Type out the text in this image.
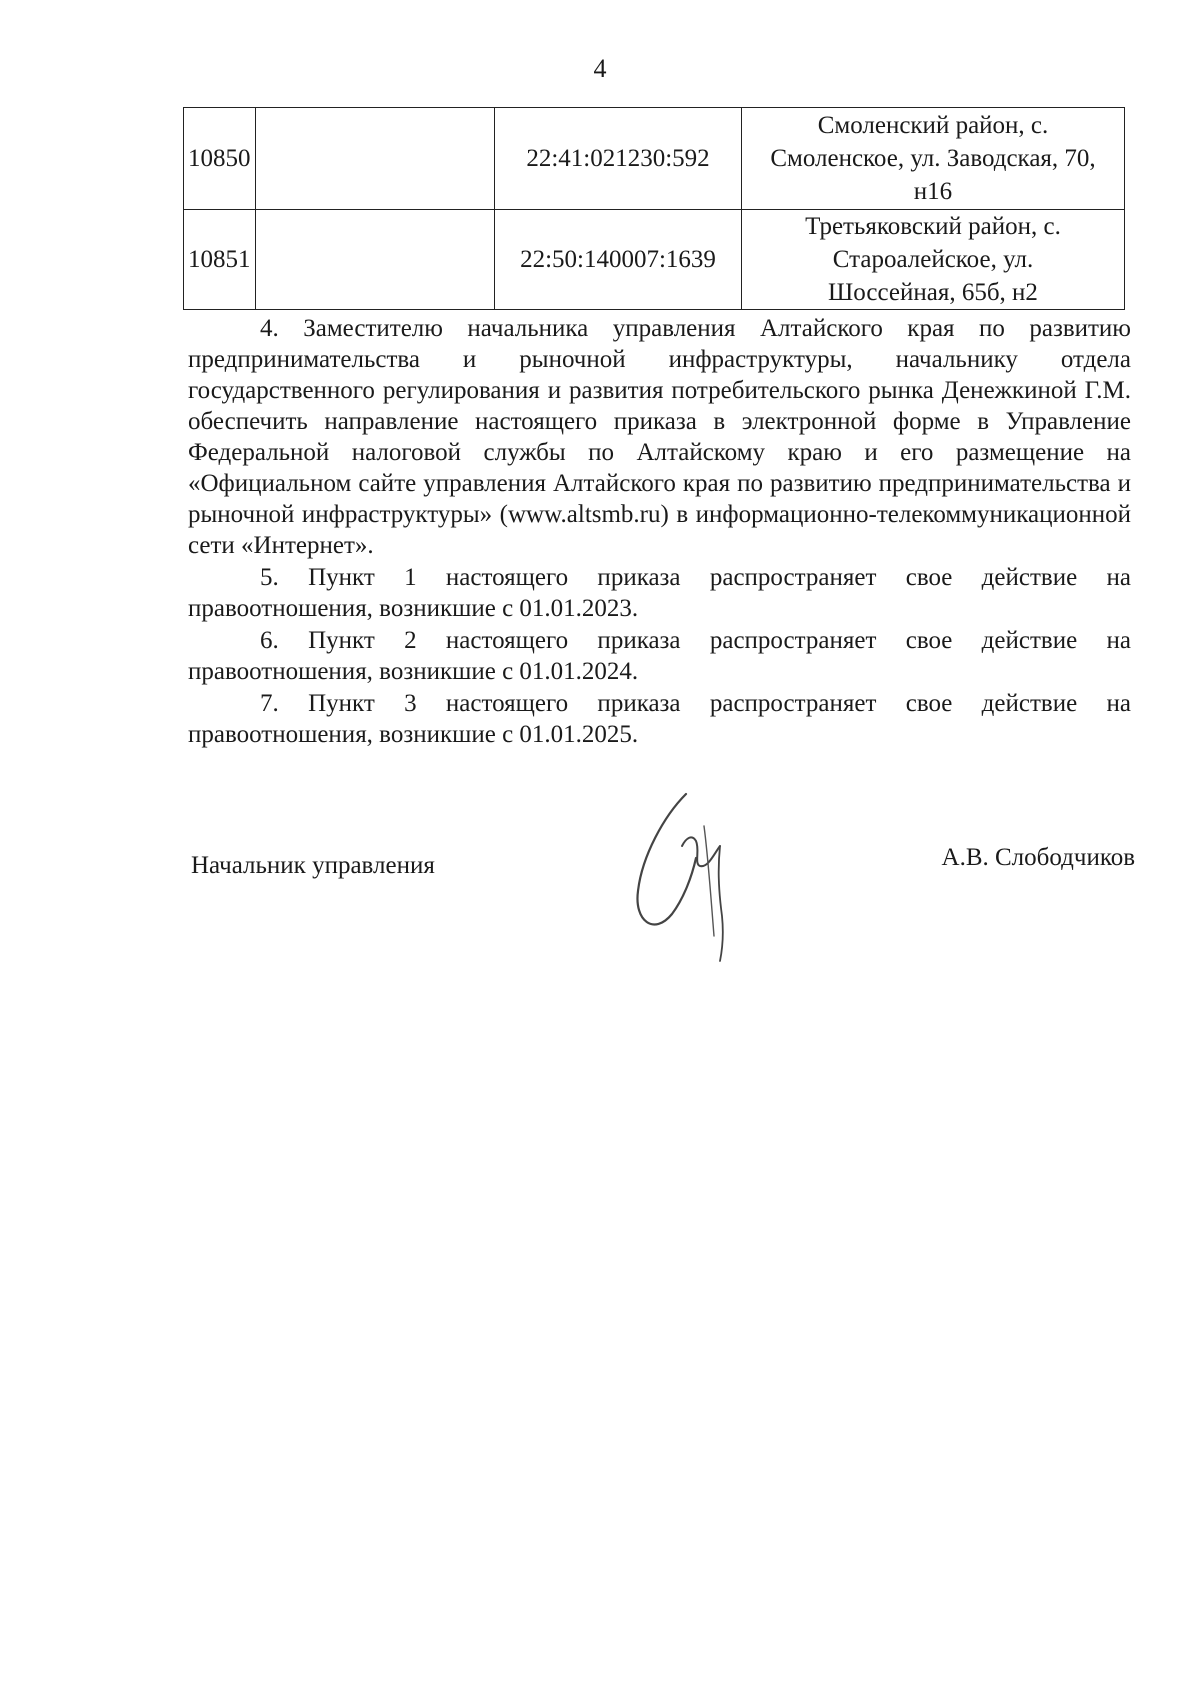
4
10850		22:41:021230:592	Смоленский район, с.
Смоленское, ул. Заводская, 70,
н16

10851		22:50:140007:1639	Третьяковский район, с.
Староалейское, ул.
Шоссейная, 65б, н2

4. Заместителю начальника управления Алтайского края по развитию предпринимательства и рыночной инфраструктуры, начальнику отдела государственного регулирования и развития потребительского рынка Денежкиной Г.М. обеспечить направление настоящего приказа в электронной форме в Управление Федеральной налоговой службы по Алтайскому краю и его размещение на «Официальном сайте управления Алтайского края по развитию предпринимательства и рыночной инфраструктуры» (www.altsmb.ru) в информационно-телекоммуникационной сети «Интернет».

5. Пункт 1 настоящего приказа распространяет свое действие на правоотношения, возникшие с 01.01.2023.

6. Пункт 2 настоящего приказа распространяет свое действие на правоотношения, возникшие с 01.01.2024.

7. Пункт 3 настоящего приказа распространяет свое действие на правоотношения, возникшие с 01.01.2025.

Начальник управления	А.В. Слободчиков
